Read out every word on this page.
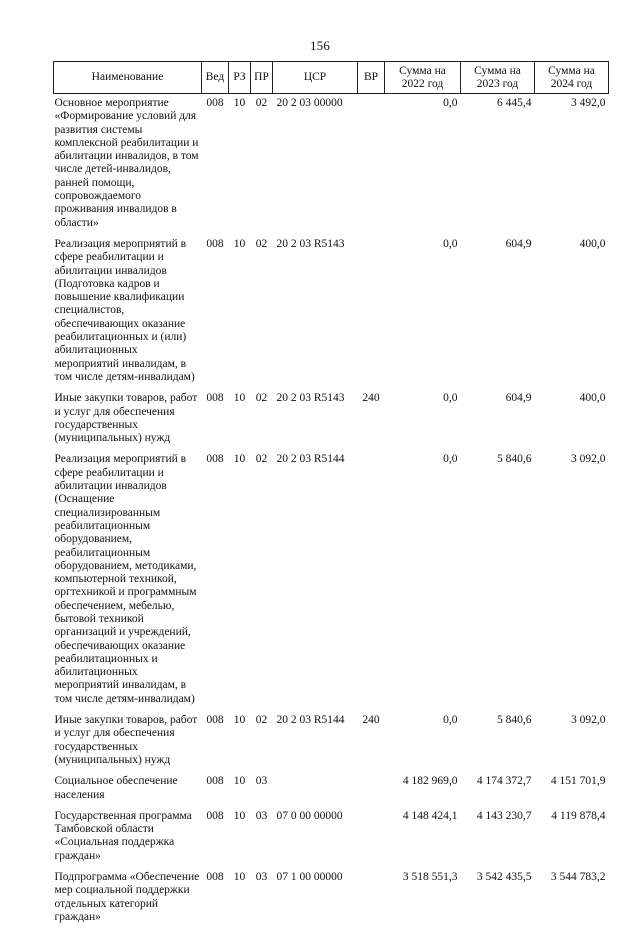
156
Наименование	Вед	РЗ	ПР	ЦСР	ВР	Сумма на 2022 год	Сумма на 2023 год	Сумма на 2024 год
Основное мероприятие «Формирование условий для развития системы комплексной реабилитации и абилитации инвалидов, в том числе детей-инвалидов, ранней помощи, сопровождаемого проживания инвалидов в области»	008	10	02	20 2 03 00000		0,0	6 445,4	3 492,0
Реализация мероприятий в сфере реабилитации и абилитации инвалидов (Подготовка кадров и повышение квалификации специалистов, обеспечивающих оказание реабилитационных и (или) абилитационных мероприятий инвалидам, в том числе детям-инвалидам)	008	10	02	20 2 03 R5143		0,0	604,9	400,0
Иные закупки товаров, работ и услуг для обеспечения государственных (муниципальных) нужд	008	10	02	20 2 03 R5143	240	0,0	604,9	400,0
Реализация мероприятий в сфере реабилитации и абилитации инвалидов (Оснащение специализированным реабилитационным оборудованием, реабилитационным оборудованием, методиками, компьютерной техникой, оргтехникой и программным обеспечением, мебелью, бытовой техникой организаций и учреждений, обеспечивающих оказание реабилитационных и абилитационных мероприятий инвалидам, в том числе детям-инвалидам)	008	10	02	20 2 03 R5144		0,0	5 840,6	3 092,0
Иные закупки товаров, работ и услуг для обеспечения государственных (муниципальных) нужд	008	10	02	20 2 03 R5144	240	0,0	5 840,6	3 092,0
Социальное обеспечение населения	008	10	03			4 182 969,0	4 174 372,7	4 151 701,9
Государственная программа Тамбовской области «Социальная поддержка граждан»	008	10	03	07 0 00 00000		4 148 424,1	4 143 230,7	4 119 878,4
Подпрограмма «Обеспечение мер социальной поддержки отдельных категорий граждан»	008	10	03	07 1 00 00000		3 518 551,3	3 542 435,5	3 544 783,2
